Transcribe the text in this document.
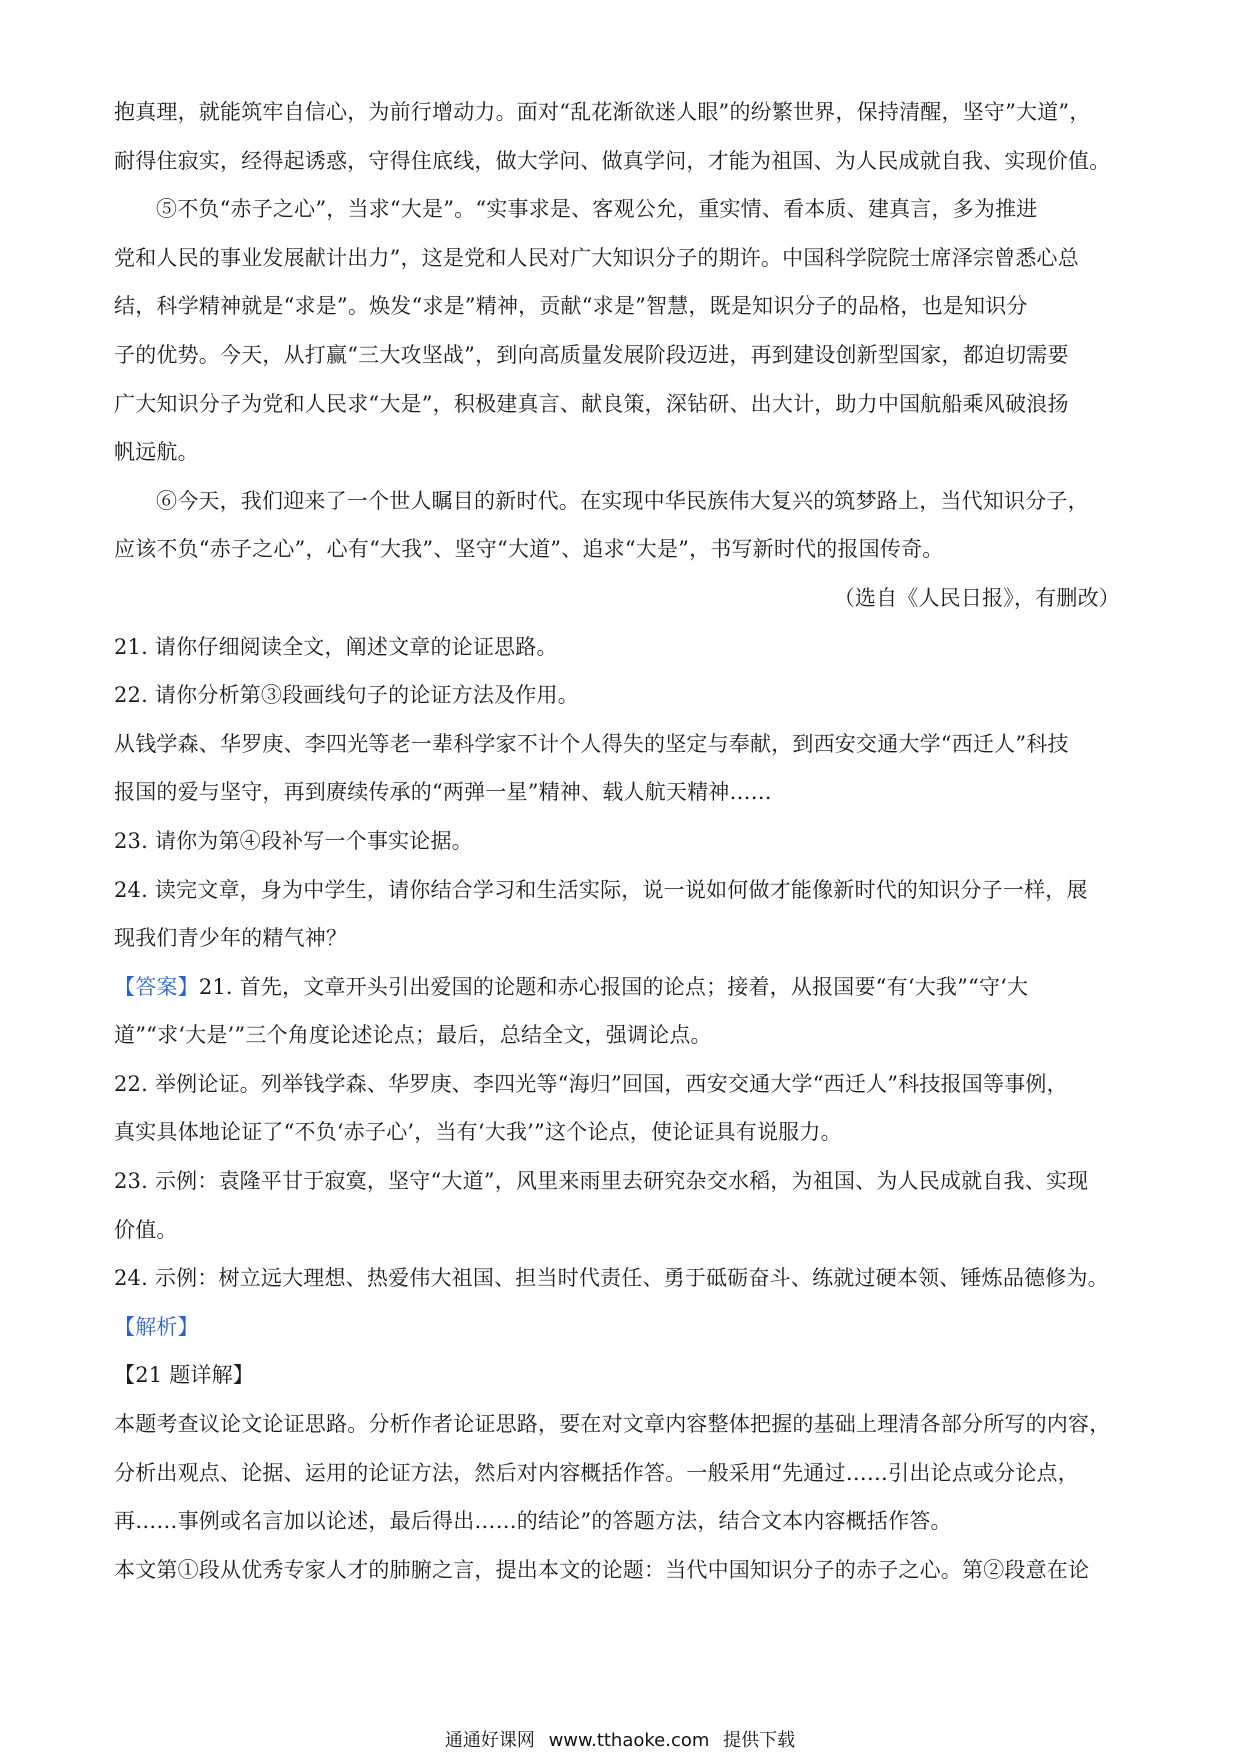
抱真理，就能筑牢自信心，为前行增动力。面对“乱花渐欲迷人眼”的纷繁世界，保持清醒，坚守”大道”，
耐得住寂实，经得起诱惑，守得住底线，做大学问、做真学问，才能为祖国、为人民成就自我、实现价值。
⑤不负“赤子之心”，当求“大是”。“实事求是、客观公允，重实情、看本质、建真言，多为推进
党和人民的事业发展献计出力”，这是党和人民对广大知识分子的期许。中国科学院院士席泽宗曾悉心总
结，科学精神就是“求是”。焕发“求是”精神，贡献“求是”智慧，既是知识分子的品格，也是知识分
子的优势。今天，从打赢“三大攻坚战”，到向高质量发展阶段迈进，再到建设创新型国家，都迫切需要
广大知识分子为党和人民求“大是”，积极建真言、献良策，深钻研、出大计，助力中国航船乘风破浪扬
帆远航。
⑥今天，我们迎来了一个世人瞩目的新时代。在实现中华民族伟大复兴的筑梦路上，当代知识分子，
应该不负“赤子之心”，心有“大我”、坚守“大道”、追求“大是”，书写新时代的报国传奇。
（选自《人民日报》，有删改）
21. 请你仔细阅读全文，阐述文章的论证思路。
22. 请你分析第③段画线句子的论证方法及作用。
从钱学森、华罗庚、李四光等老一辈科学家不计个人得失的坚定与奉献，到西安交通大学“西迁人”科技
报国的爱与坚守，再到赓续传承的“两弹一星”精神、载人航天精神……
23. 请你为第④段补写一个事实论据。
24. 读完文章，身为中学生，请你结合学习和生活实际，说一说如何做才能像新时代的知识分子一样，展
现我们青少年的精气神？
【答案】21. 首先，文章开头引出爱国的论题和赤心报国的论点；接着，从报国要“有‘大我”“守‘大
道”“求‘大是’”三个角度论述论点；最后，总结全文，强调论点。
22. 举例论证。列举钱学森、华罗庚、李四光等“海归”回国，西安交通大学“西迁人”科技报国等事例，
真实具体地论证了“不负‘赤子心’，当有‘大我’”这个论点，使论证具有说服力。
23. 示例：袁隆平甘于寂寞，坚守“大道”，风里来雨里去研究杂交水稻，为祖国、为人民成就自我、实现
价值。
24. 示例：树立远大理想、热爱伟大祖国、担当时代责任、勇于砥砺奋斗、练就过硬本领、锤炼品德修为。
【解析】
【21 题详解】
本题考查议论文论证思路。分析作者论证思路，要在对文章内容整体把握的基础上理清各部分所写的内容，
分析出观点、论据、运用的论证方法，然后对内容概括作答。一般采用“先通过……引出论点或分论点，
再……事例或名言加以论述，最后得出……的结论”的答题方法，结合文本内容概括作答。
本文第①段从优秀专家人才的肺腑之言，提出本文的论题：当代中国知识分子的赤子之心。第②段意在论
通通好课网 www.tthaoke.com 提供下载
